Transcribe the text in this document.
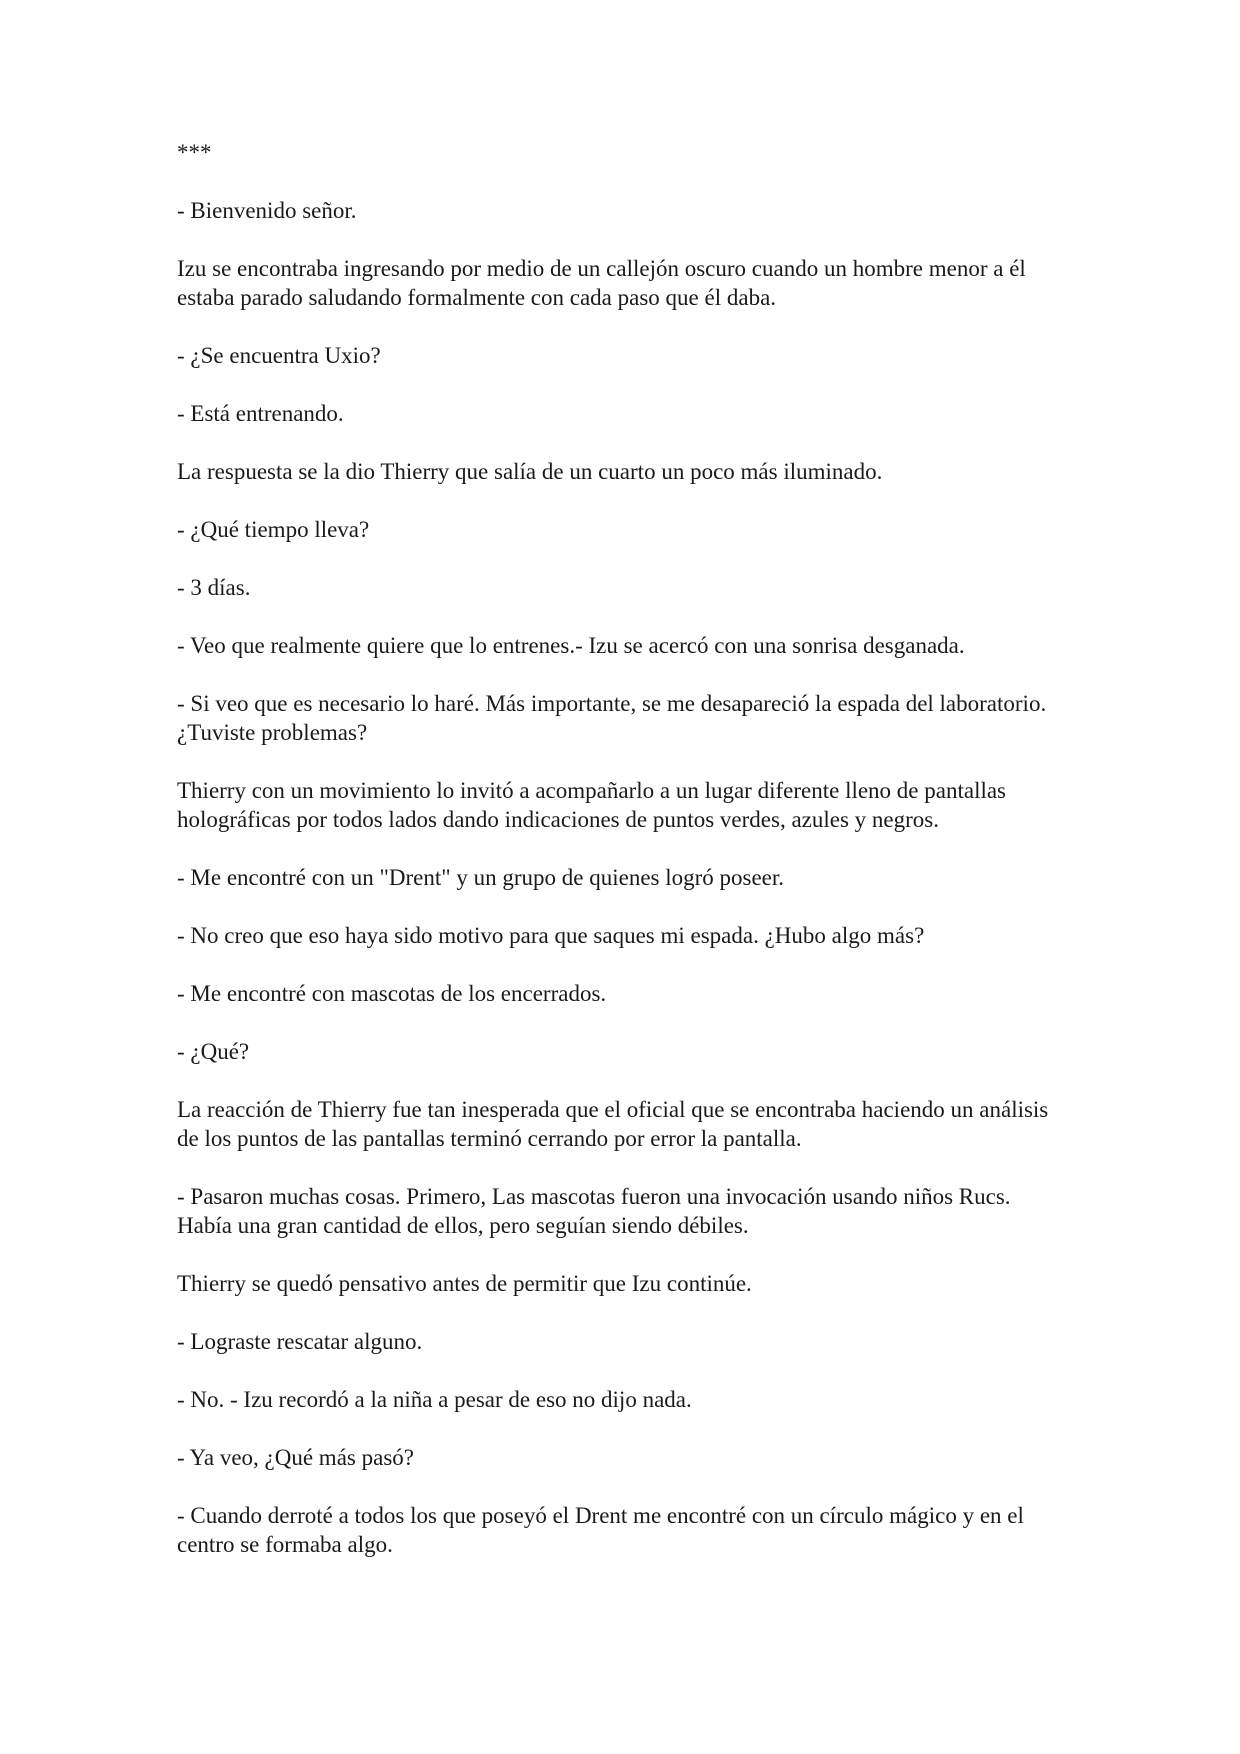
***

- Bienvenido señor.

Izu se encontraba ingresando por medio de un callejón oscuro cuando un hombre menor a él estaba parado saludando formalmente con cada paso que él daba.

- ¿Se encuentra Uxio?

- Está entrenando.

La respuesta se la dio Thierry que salía de un cuarto un poco más iluminado.

- ¿Qué tiempo lleva?

- 3 días.

- Veo que realmente quiere que lo entrenes.- Izu se acercó con una sonrisa desganada.

- Si veo que es necesario lo haré. Más importante, se me desapareció la espada del laboratorio. ¿Tuviste problemas?

Thierry con un movimiento lo invitó a acompañarlo a un lugar diferente lleno de pantallas holográficas por todos lados dando indicaciones de puntos verdes, azules y negros.

- Me encontré con un "Drent" y un grupo de quienes logró poseer.

- No creo que eso haya sido motivo para que saques mi espada. ¿Hubo algo más?

- Me encontré con mascotas de los encerrados.

- ¿Qué?

La reacción de Thierry fue tan inesperada que el oficial que se encontraba haciendo un análisis de los puntos de las pantallas terminó cerrando por error la pantalla.

- Pasaron muchas cosas. Primero, Las mascotas fueron una invocación usando niños Rucs. Había una gran cantidad de ellos, pero seguían siendo débiles.

Thierry se quedó pensativo antes de permitir que Izu continúe.

- Lograste rescatar alguno.

- No. - Izu recordó a la niña a pesar de eso no dijo nada.

- Ya veo, ¿Qué más pasó?

- Cuando derroté a todos los que poseyó el Drent me encontré con un círculo mágico y en el centro se formaba algo.
